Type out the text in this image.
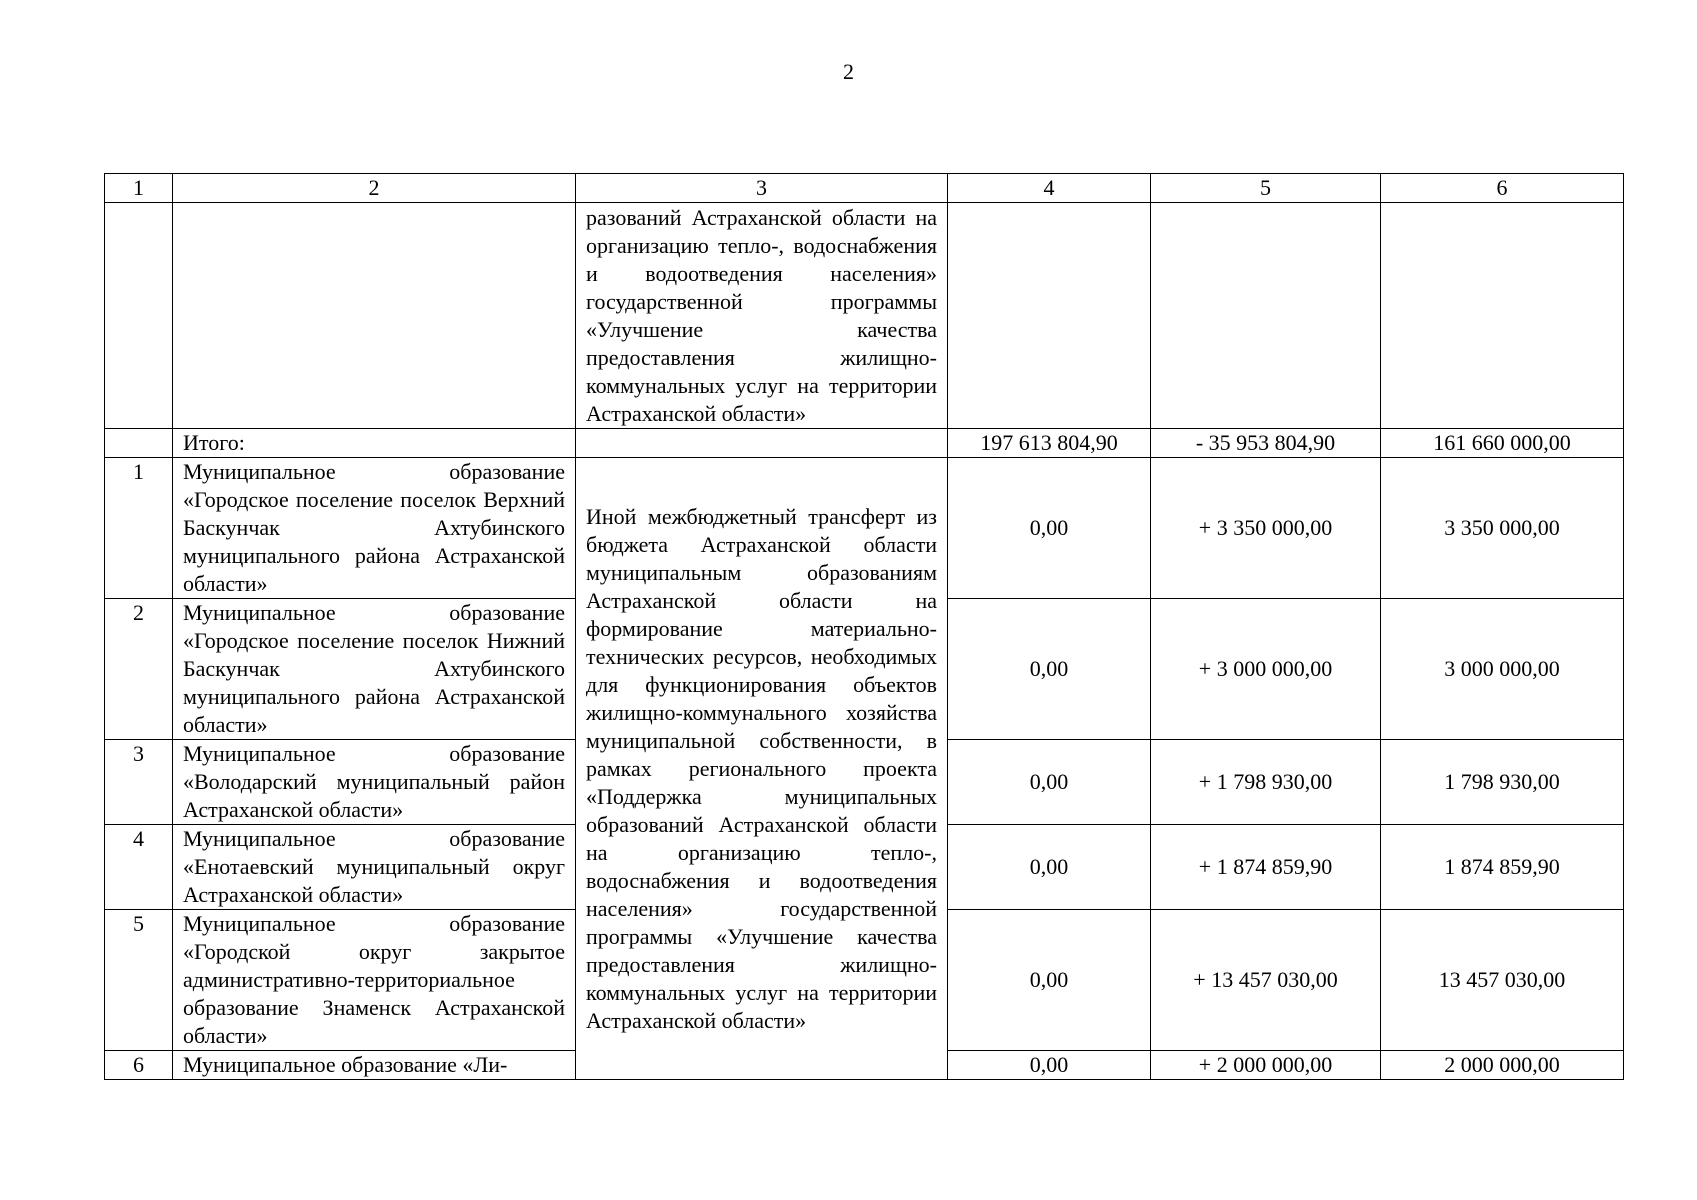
2
1	2	3	4	5	6
		разований Астраханской области на организацию тепло-, водоснабжения и водоотведения населения» государственной программы «Улучшение качества предоставления жилищно-коммунальных услуг на территории Астраханской области»			
	Итого:		197 613 804,90	- 35 953 804,90	161 660 000,00
1	Муниципальное образование «Городское поселение поселок Верхний Баскунчак Ахтубинского муниципального района Астраханской области»	Иной межбюджетный трансферт из бюджета Астраханской области муниципальным образованиям Астраханской области на формирование материально-технических ресурсов, необходимых для функционирования объектов жилищно-коммунального хозяйства муниципальной собственности, в рамках регионального проекта «Поддержка муниципальных образований Астраханской области на организацию тепло-, водоснабжения и водоотведения населения» государственной программы «Улучшение качества предоставления жилищно-коммунальных услуг на территории Астраханской области»	0,00	+ 3 350 000,00	3 350 000,00
2	Муниципальное образование «Городское поселение поселок Нижний Баскунчак Ахтубинского муниципального района Астраханской области»		0,00	+ 3 000 000,00	3 000 000,00
3	Муниципальное образование «Володарский муниципальный район Астраханской области»		0,00	+ 1 798 930,00	1 798 930,00
4	Муниципальное образование «Енотаевский муниципальный округ Астраханской области»		0,00	+ 1 874 859,90	1 874 859,90
5	Муниципальное образование «Городской округ закрытое административно-территориальное образование Знаменск Астраханской области»		0,00	+ 13 457 030,00	13 457 030,00
6	Муниципальное образование «Ли-		0,00	+ 2 000 000,00	2 000 000,00
